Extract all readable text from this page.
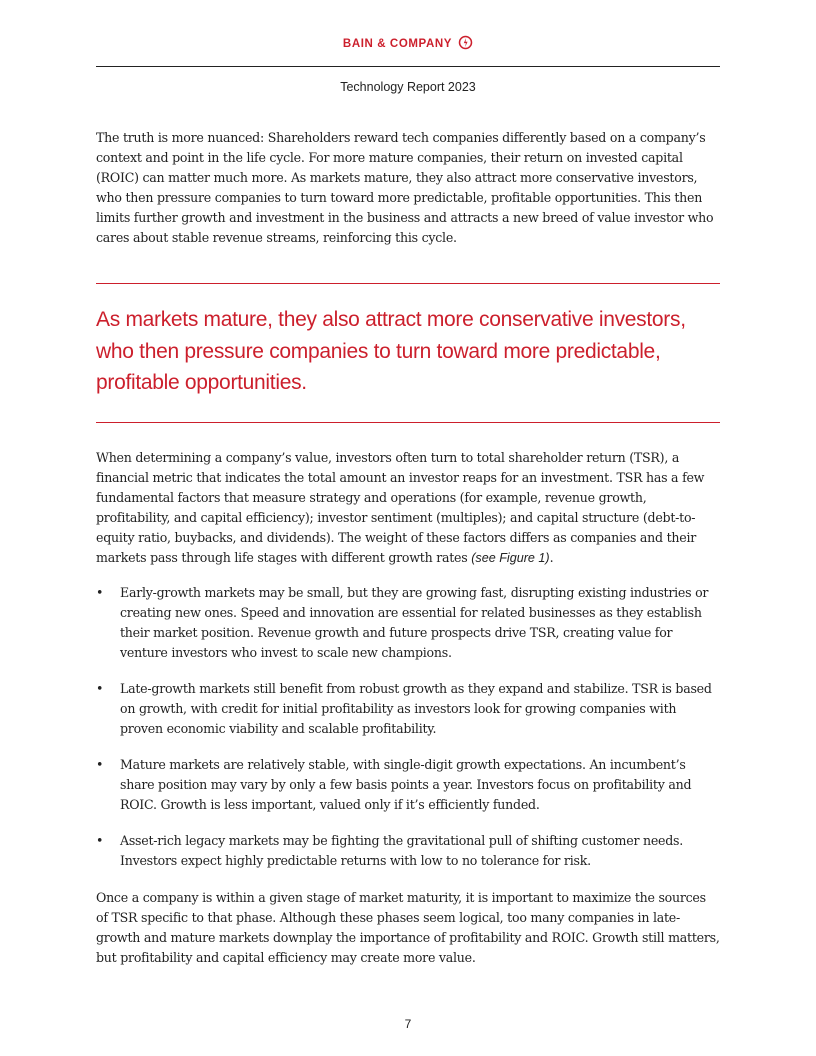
BAIN & COMPANY
Technology Report 2023

The truth is more nuanced: Shareholders reward tech companies differently based on a company’s context and point in the life cycle. For more mature companies, their return on invested capital (ROIC) can matter much more. As markets mature, they also attract more conservative investors, who then pressure companies to turn toward more predictable, profitable opportunities. This then limits further growth and investment in the business and attracts a new breed of value investor who cares about stable revenue streams, reinforcing this cycle.

As markets mature, they also attract more conservative investors, who then pressure companies to turn toward more predictable, profitable opportunities.

When determining a company’s value, investors often turn to total shareholder return (TSR), a financial metric that indicates the total amount an investor reaps for an investment. TSR has a few fundamental factors that measure strategy and operations (for example, revenue growth, profitability, and capital efficiency); investor sentiment (multiples); and capital structure (debt-to-equity ratio, buybacks, and dividends). The weight of these factors differs as companies and their markets pass through life stages with different growth rates (see Figure 1).

• Early-growth markets may be small, but they are growing fast, disrupting existing industries or creating new ones. Speed and innovation are essential for related businesses as they establish their market position. Revenue growth and future prospects drive TSR, creating value for venture investors who invest to scale new champions.
• Late-growth markets still benefit from robust growth as they expand and stabilize. TSR is based on growth, with credit for initial profitability as investors look for growing companies with proven economic viability and scalable profitability.
• Mature markets are relatively stable, with single-digit growth expectations. An incumbent’s share position may vary by only a few basis points a year. Investors focus on profitability and ROIC. Growth is less important, valued only if it’s efficiently funded.
• Asset-rich legacy markets may be fighting the gravitational pull of shifting customer needs. Investors expect highly predictable returns with low to no tolerance for risk.

Once a company is within a given stage of market maturity, it is important to maximize the sources of TSR specific to that phase. Although these phases seem logical, too many companies in late-growth and mature markets downplay the importance of profitability and ROIC. Growth still matters, but profitability and capital efficiency may create more value.

7
